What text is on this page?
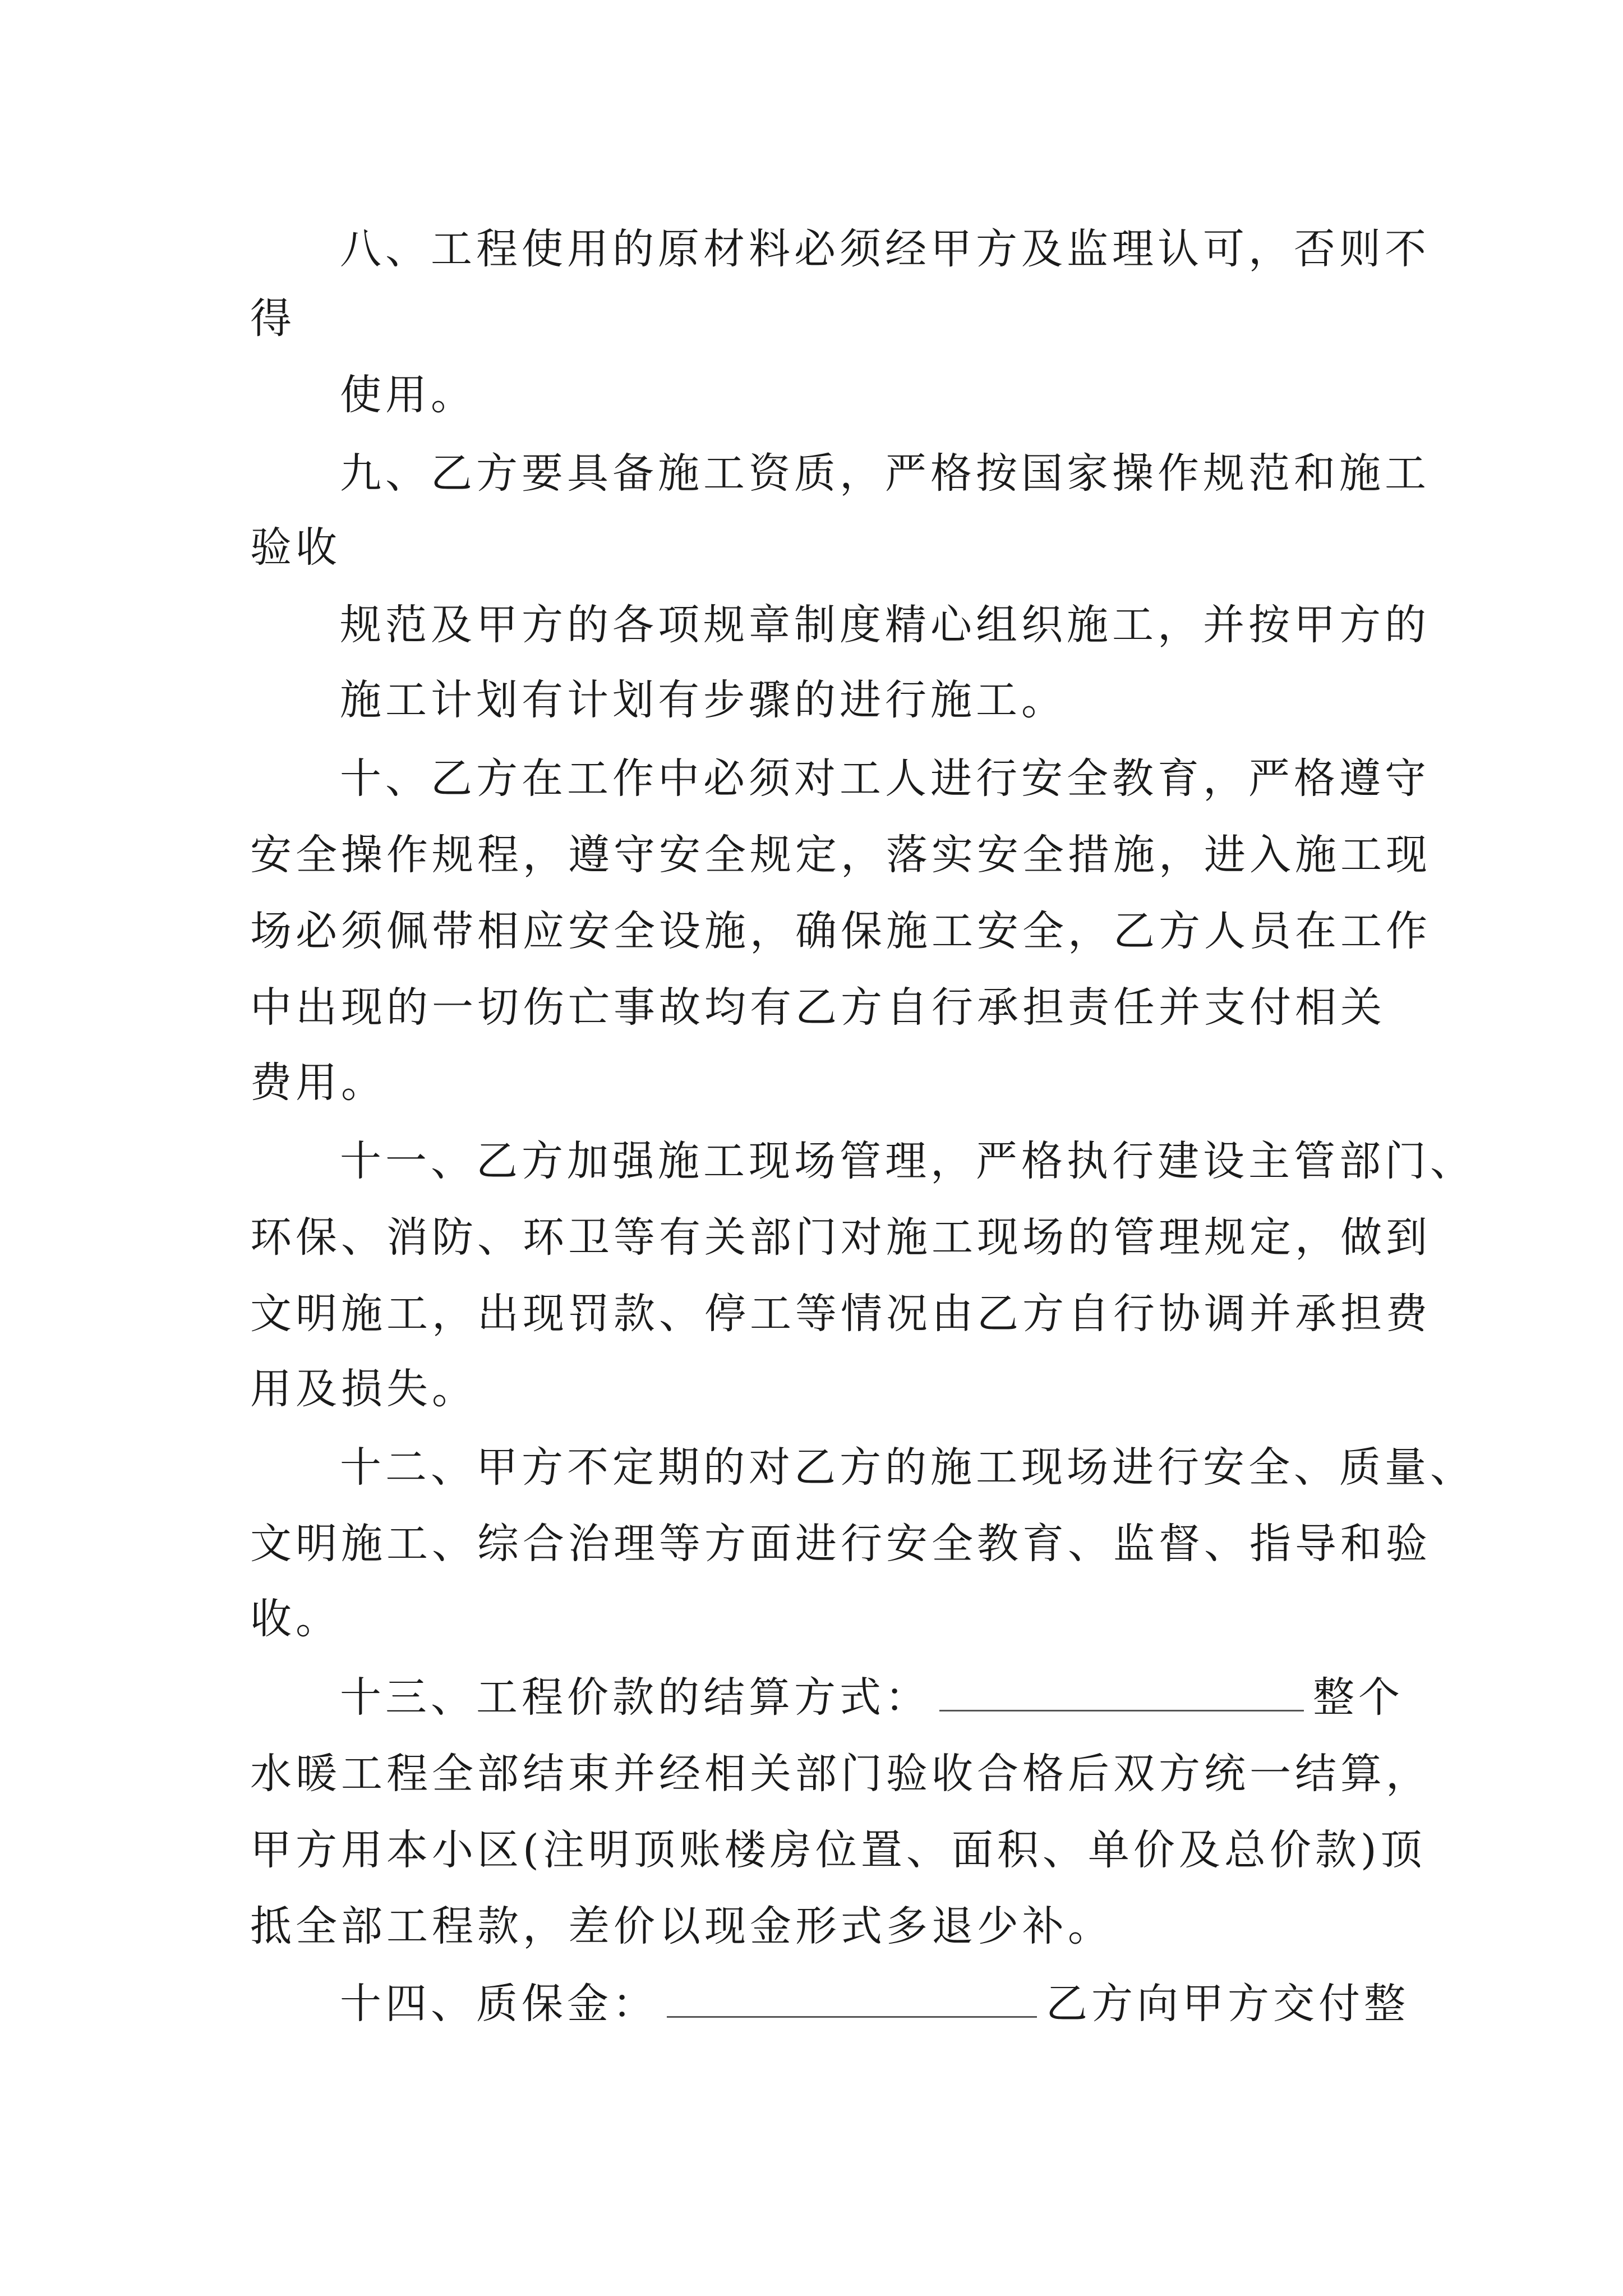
八、工程使用的原材料必须经甲方及监理认可，否则不
得
使用。
九、乙方要具备施工资质，严格按国家操作规范和施工
验收
规范及甲方的各项规章制度精心组织施工，并按甲方的
施工计划有计划有步骤的进行施工。
十、乙方在工作中必须对工人进行安全教育，严格遵守
安全操作规程，遵守安全规定，落实安全措施，进入施工现
场必须佩带相应安全设施，确保施工安全，乙方人员在工作
中出现的一切伤亡事故均有乙方自行承担责任并支付相关
费用。
十一、乙方加强施工现场管理，严格执行建设主管部门、
环保、消防、环卫等有关部门对施工现场的管理规定，做到
文明施工，出现罚款、停工等情况由乙方自行协调并承担费
用及损失。
十二、甲方不定期的对乙方的施工现场进行安全、质量、
文明施工、综合治理等方面进行安全教育、监督、指导和验
收。
十三、工程价款的结算方式：	整个
水暖工程全部结束并经相关部门验收合格后双方统一结算，
甲方用本小区(注明顶账楼房位置、面积、单价及总价款)顶
抵全部工程款，差价以现金形式多退少补。
十四、质保金：	乙方向甲方交付整
